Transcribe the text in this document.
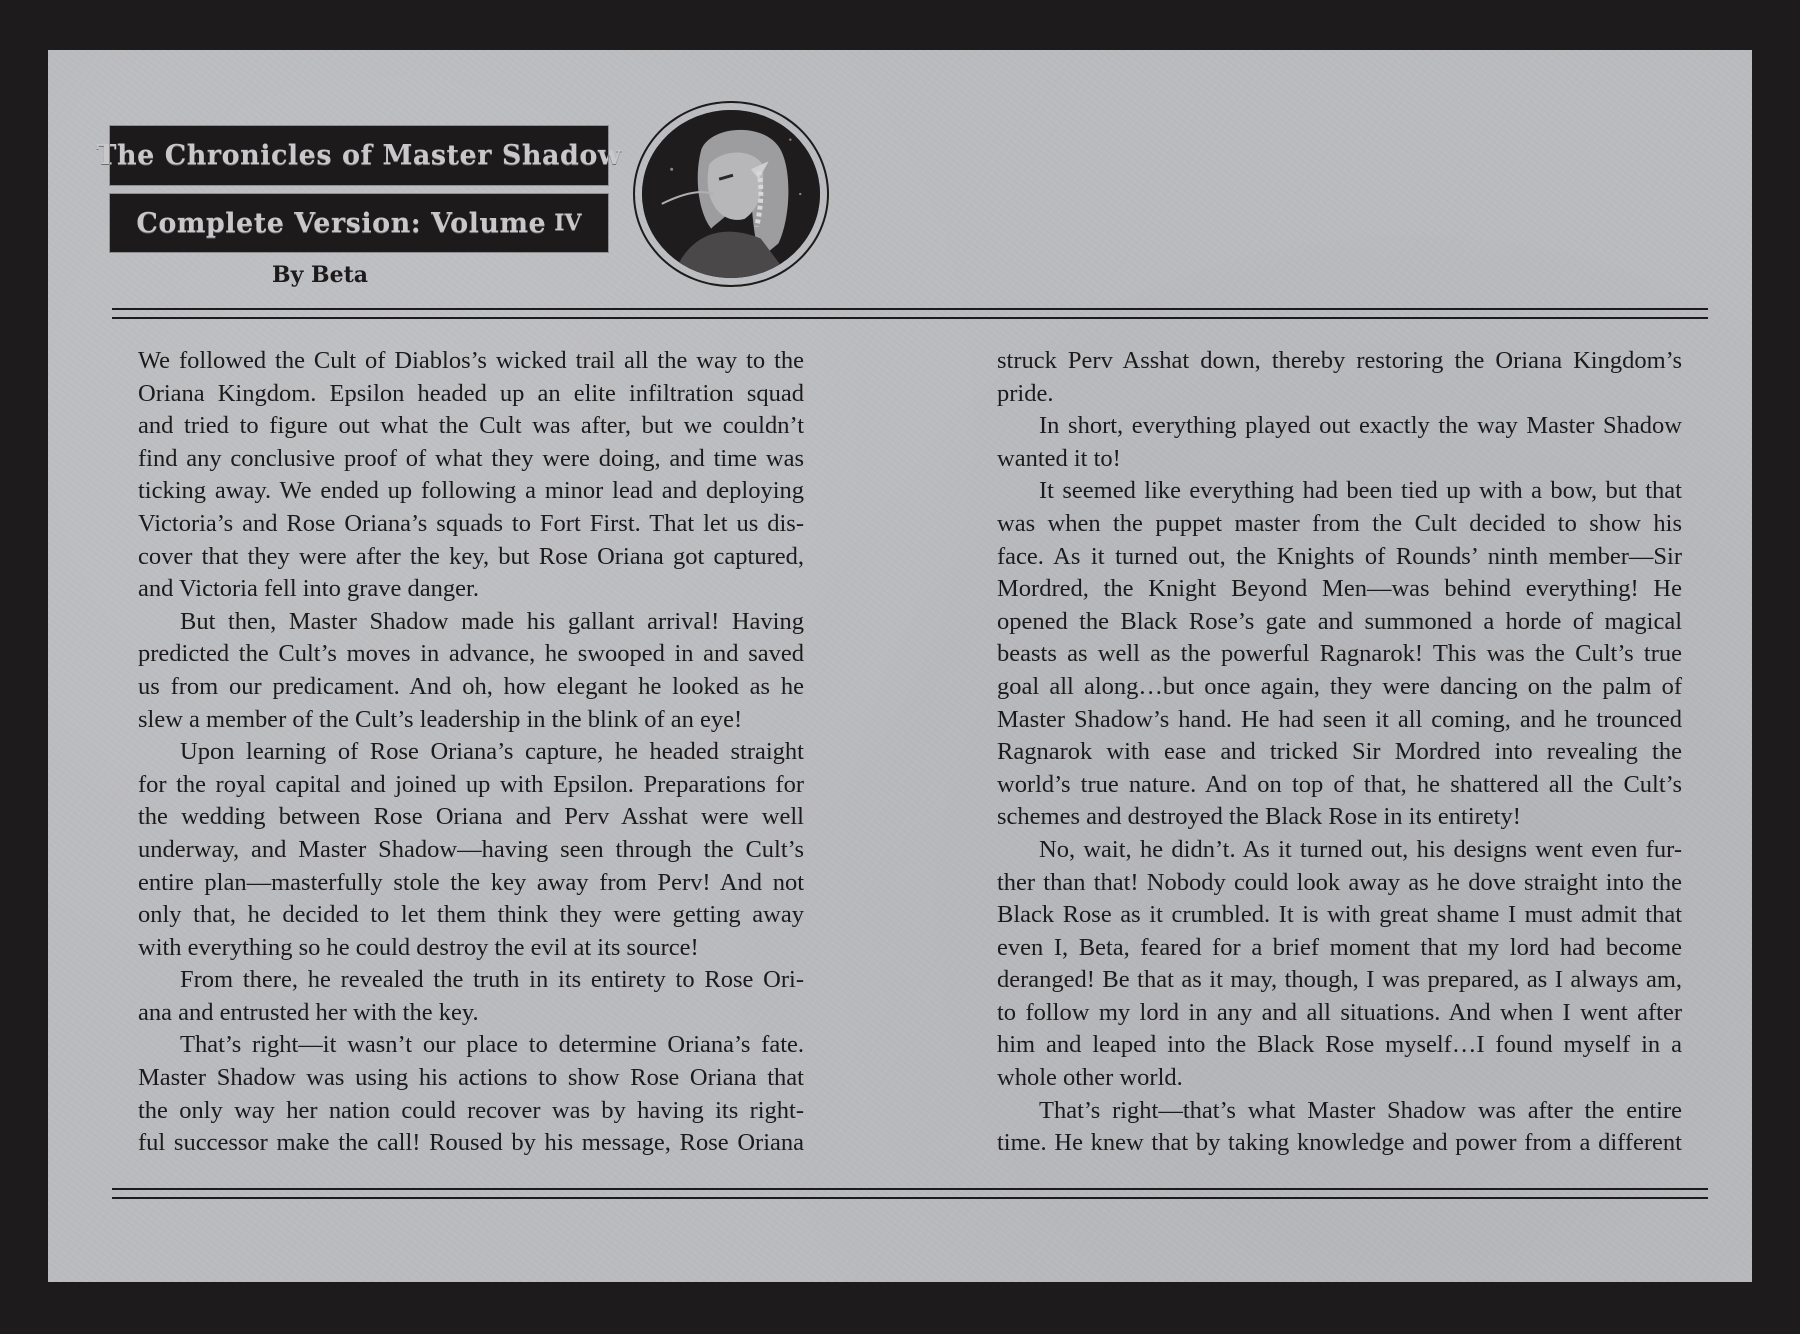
The Chronicles of Master Shadow
Complete Version: Volume IV
By Beta
We followed the Cult of Diablos’s wicked trail all the way to the
Oriana Kingdom. Epsilon headed up an elite infiltration squad
and tried to figure out what the Cult was after, but we couldn’t
find any conclusive proof of what they were doing, and time was
ticking away. We ended up following a minor lead and deploying
Victoria’s and Rose Oriana’s squads to Fort First. That let us dis-
cover that they were after the key, but Rose Oriana got captured,
and Victoria fell into grave danger.
But then, Master Shadow made his gallant arrival! Having
predicted the Cult’s moves in advance, he swooped in and saved
us from our predicament. And oh, how elegant he looked as he
slew a member of the Cult’s leadership in the blink of an eye!
Upon learning of Rose Oriana’s capture, he headed straight
for the royal capital and joined up with Epsilon. Preparations for
the wedding between Rose Oriana and Perv Asshat were well
underway, and Master Shadow—having seen through the Cult’s
entire plan—masterfully stole the key away from Perv! And not
only that, he decided to let them think they were getting away
with everything so he could destroy the evil at its source!
From there, he revealed the truth in its entirety to Rose Ori-
ana and entrusted her with the key.
That’s right—it wasn’t our place to determine Oriana’s fate.
Master Shadow was using his actions to show Rose Oriana that
the only way her nation could recover was by having its right-
ful successor make the call! Roused by his message, Rose Oriana
struck Perv Asshat down, thereby restoring the Oriana Kingdom’s
pride.
In short, everything played out exactly the way Master Shadow
wanted it to!
It seemed like everything had been tied up with a bow, but that
was when the puppet master from the Cult decided to show his
face. As it turned out, the Knights of Rounds’ ninth member—Sir
Mordred, the Knight Beyond Men—was behind everything! He
opened the Black Rose’s gate and summoned a horde of magical
beasts as well as the powerful Ragnarok! This was the Cult’s true
goal all along…but once again, they were dancing on the palm of
Master Shadow’s hand. He had seen it all coming, and he trounced
Ragnarok with ease and tricked Sir Mordred into revealing the
world’s true nature. And on top of that, he shattered all the Cult’s
schemes and destroyed the Black Rose in its entirety!
No, wait, he didn’t. As it turned out, his designs went even fur-
ther than that! Nobody could look away as he dove straight into the
Black Rose as it crumbled. It is with great shame I must admit that
even I, Beta, feared for a brief moment that my lord had become
deranged! Be that as it may, though, I was prepared, as I always am,
to follow my lord in any and all situations. And when I went after
him and leaped into the Black Rose myself…I found myself in a
whole other world.
That’s right—that’s what Master Shadow was after the entire
time. He knew that by taking knowledge and power from a different
